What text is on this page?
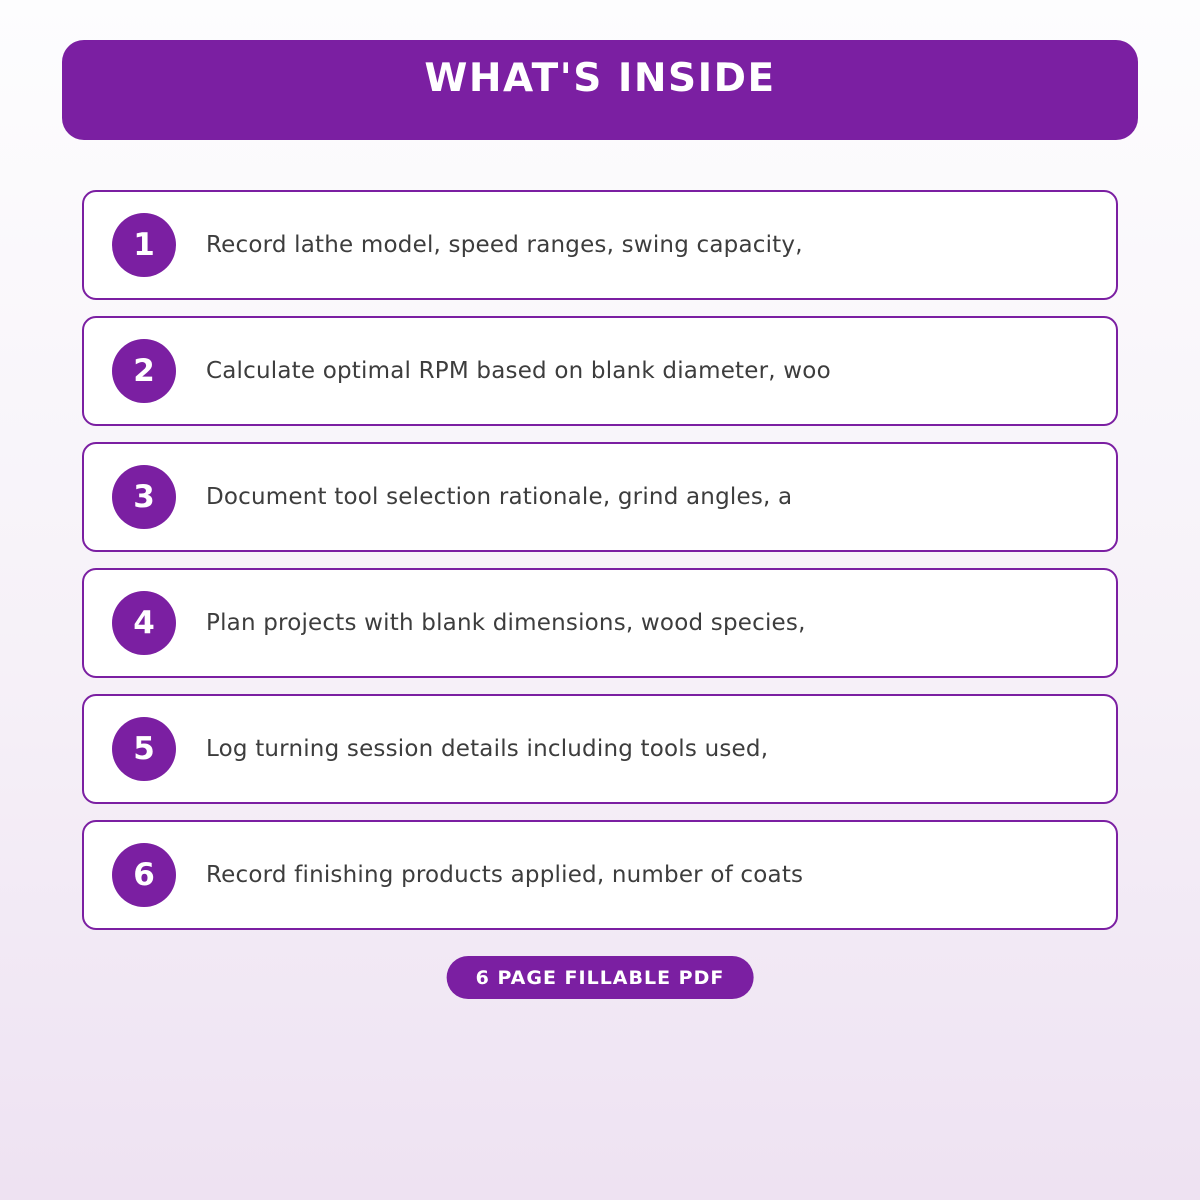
WHAT'S INSIDE
1	Record lathe model, speed ranges, swing capacity,
2	Calculate optimal RPM based on blank diameter, woo
3	Document tool selection rationale, grind angles, a
4	Plan projects with blank dimensions, wood species,
5	Log turning session details including tools used,
6	Record finishing products applied, number of coats
6 PAGE FILLABLE PDF
